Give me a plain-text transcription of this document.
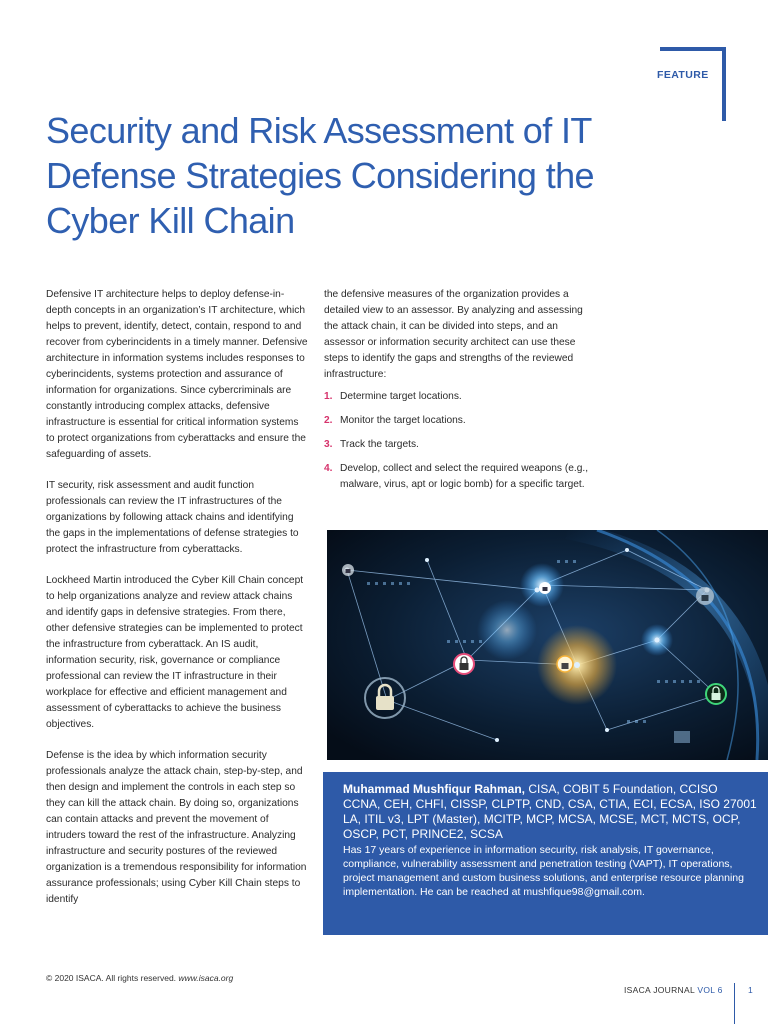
FEATURE
Security and Risk Assessment of IT Defense Strategies Considering the Cyber Kill Chain

Defensive IT architecture helps to deploy defense-in-depth concepts in an organization’s IT architecture, which helps to prevent, identify, detect, contain, respond to and recover from cyberincidents in a timely manner. Defensive architecture in information systems includes responses to cyberincidents, systems protection and assurance of information for organizations. Since cybercriminals are constantly introducing complex attacks, defensive infrastructure is essential for critical information systems to protect organizations from cyberattacks and ensure the safeguarding of assets.

IT security, risk assessment and audit function professionals can review the IT infrastructures of the organizations by following attack chains and identifying the gaps in the implementations of defense strategies to protect the infrastructure from cyberattacks.

Lockheed Martin introduced the Cyber Kill Chain concept to help organizations analyze and review attack chains and identify gaps in defensive strategies. From there, other defensive strategies can be implemented to protect the infrastructure from cyberattack. An IS audit, information security, risk, governance or compliance professional can review the IT infrastructure in their workplace for effective and efficient management and assessment of cyberattacks to achieve the business objectives.

Defense is the idea by which information security professionals analyze the attack chain, step-by-step, and then design and implement the controls in each step so they can kill the attack chain. By doing so, organizations can contain attacks and prevent the movement of intruders toward the rest of the infrastructure. Analyzing infrastructure and security postures of the reviewed organization is a tremendous responsibility for information assurance professionals; using Cyber Kill Chain steps to identify

the defensive measures of the organization provides a detailed view to an assessor. By analyzing and assessing the attack chain, it can be divided into steps, and an assessor or information security architect can use these steps to identify the gaps and strengths of the reviewed infrastructure:

1. Determine target locations.
2. Monitor the target locations.
3. Track the targets.
4. Develop, collect and select the required weapons (e.g., malware, virus, apt or logic bomb) for a specific target.
Muhammad Mushfiqur Rahman, CISA, COBIT 5 Foundation, CCISO CCNA, CEH, CHFI, CISSP, CLPTP, CND, CSA, CTIA, ECI, ECSA, ISO 27001 LA, ITIL v3, LPT (Master), MCITP, MCP, MCSA, MCSE, MCT, MCTS, OCP, OSCP, PCT, PRINCE2, SCSA
Has 17 years of experience in information security, risk analysis, IT governance, compliance, vulnerability assessment and penetration testing (VAPT), IT operations, project management and custom business solutions, and enterprise resource planning implementation. He can be reached at mushfique98@gmail.com.
© 2020 ISACA. All rights reserved. www.isaca.org
ISACA JOURNAL VOL 6	1
